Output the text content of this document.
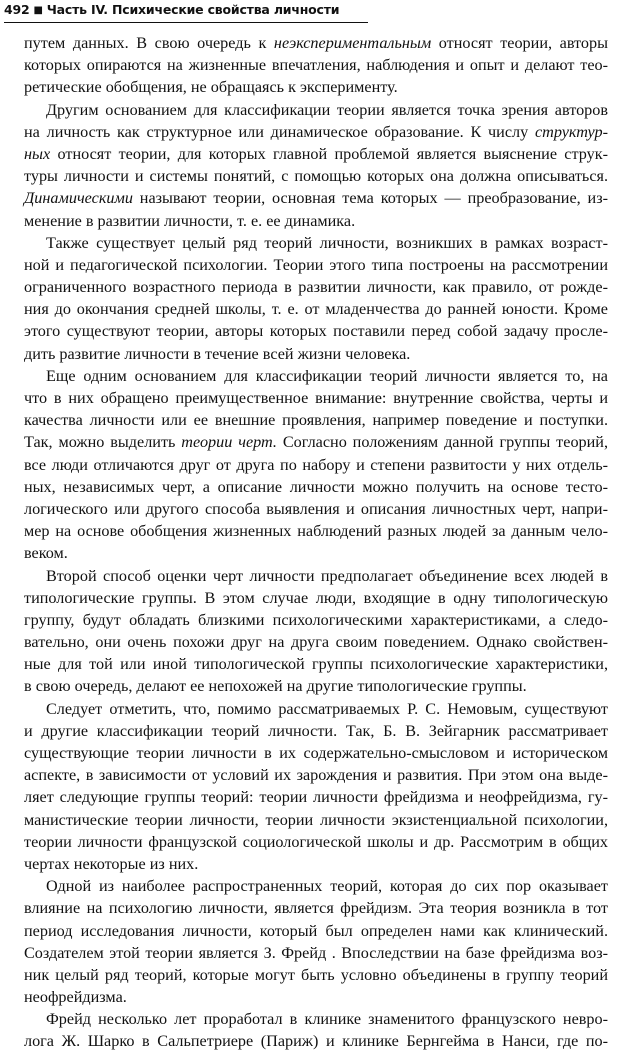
492 ■ Часть IV. Психические свойства личности
путем данных. В свою очередь к неэкспериментальным относят теории, авторы
которых опираются на жизненные впечатления, наблюдения и опыт и делают тео-
ретические обобщения, не обращаясь к эксперименту.
Другим основанием для классификации теории является точка зрения авторов
на личность как структурное или динамическое образование. К числу структур-
ных относят теории, для которых главной проблемой является выяснение струк-
туры личности и системы понятий, с помощью которых она должна описываться.
Динамическими называют теории, основная тема которых — преобразование, из-
менение в развитии личности, т. е. ее динамика.
Также существует целый ряд теорий личности, возникших в рамках возраст-
ной и педагогической психологии. Теории этого типа построены на рассмотрении
ограниченного возрастного периода в развитии личности, как правило, от рожде-
ния до окончания средней школы, т. е. от младенчества до ранней юности. Кроме
этого существуют теории, авторы которых поставили перед собой задачу просле-
дить развитие личности в течение всей жизни человека.
Еще одним основанием для классификации теорий личности является то, на
что в них обращено преимущественное внимание: внутренние свойства, черты и
качества личности или ее внешние проявления, например поведение и поступки.
Так, можно выделить теории черт. Согласно положениям данной группы теорий,
все люди отличаются друг от друга по набору и степени развитости у них отдель-
ных, независимых черт, а описание личности можно получить на основе тесто-
логического или другого способа выявления и описания личностных черт, напри-
мер на основе обобщения жизненных наблюдений разных людей за данным чело-
веком.
Второй способ оценки черт личности предполагает объединение всех людей в
типологические группы. В этом случае люди, входящие в одну типологическую
группу, будут обладать близкими психологическими характеристиками, а следо-
вательно, они очень похожи друг на друга своим поведением. Однако свойствен-
ные для той или иной типологической группы психологические характеристики,
в свою очередь, делают ее непохожей на другие типологические группы.
Следует отметить, что, помимо рассматриваемых Р. С. Немовым, существуют
и другие классификации теорий личности. Так, Б. В. Зейгарник рассматривает
существующие теории личности в их содержательно-смысловом и историческом
аспекте, в зависимости от условий их зарождения и развития. При этом она выде-
ляет следующие группы теорий: теории личности фрейдизма и неофрейдизма, гу-
манистические теории личности, теории личности экзистенциальной психологии,
теории личности французской социологической школы и др. Рассмотрим в общих
чертах некоторые из них.
Одной из наиболее распространенных теорий, которая до сих пор оказывает
влияние на психологию личности, является фрейдизм. Эта теория возникла в тот
период исследования личности, который был определен нами как клинический.
Создателем этой теории является З. Фрейд . Впоследствии на базе фрейдизма воз-
ник целый ряд теорий, которые могут быть условно объединены в группу теорий
неофрейдизма.
Фрейд несколько лет проработал в клинике знаменитого французского невро-
лога Ж. Шарко в Сальпетриере (Париж) и клинике Бернгейма в Нанси, где по-
